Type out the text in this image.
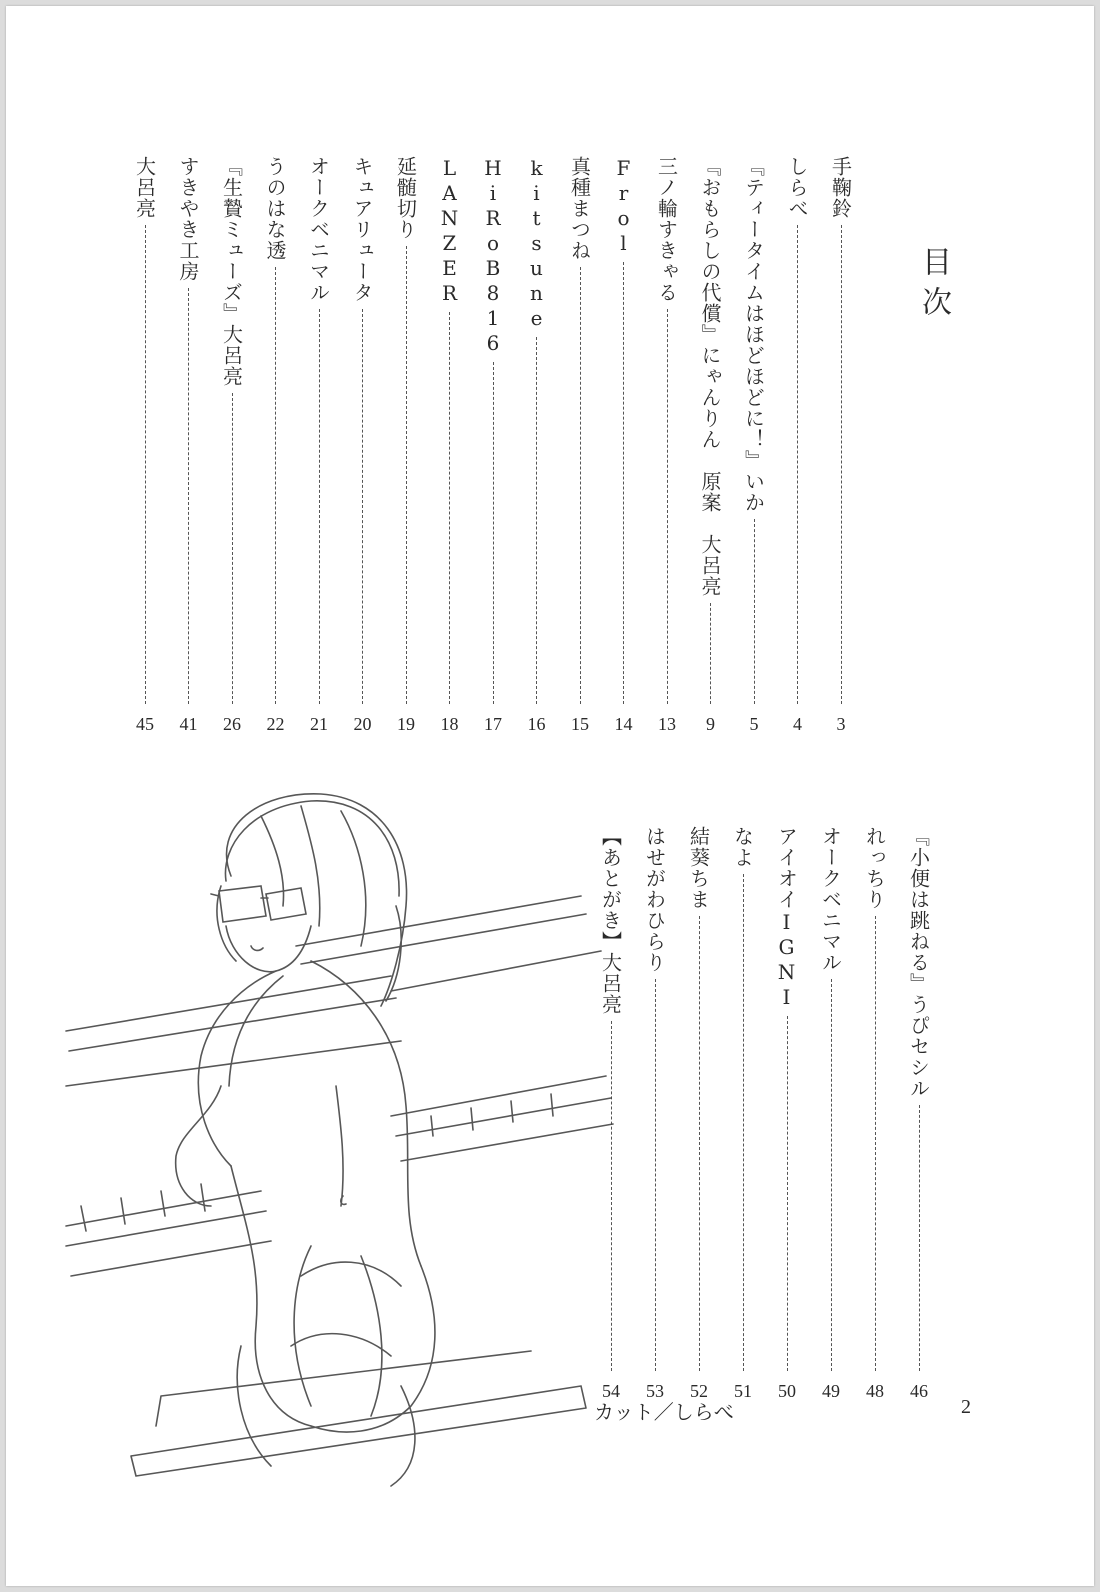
目次
手鞠鈴
3
しらべ
4
『ティータイムはほどほどに！』いか
5
『おもらしの代償』にゃんりん　原案　大呂亮
9
三ノ輪すきゃる
13
Frol
14
真種まつね
15
kitsune
16
HiRoB816
17
LANZER
18
延髄切り
19
キュアリュータ
20
オークベニマル
21
うのはな透
22
『生贄ミューズ』大呂亮
26
すきやき工房
41
大呂亮
45
『小便は跳ねる』うぴセシル
46
れっちり
48
オークベニマル
49
アイオイIGNI
50
なよ
51
結葵ちま
52
はせがわひらり
53
【あとがき】大呂亮
54
カット／しらべ	2
